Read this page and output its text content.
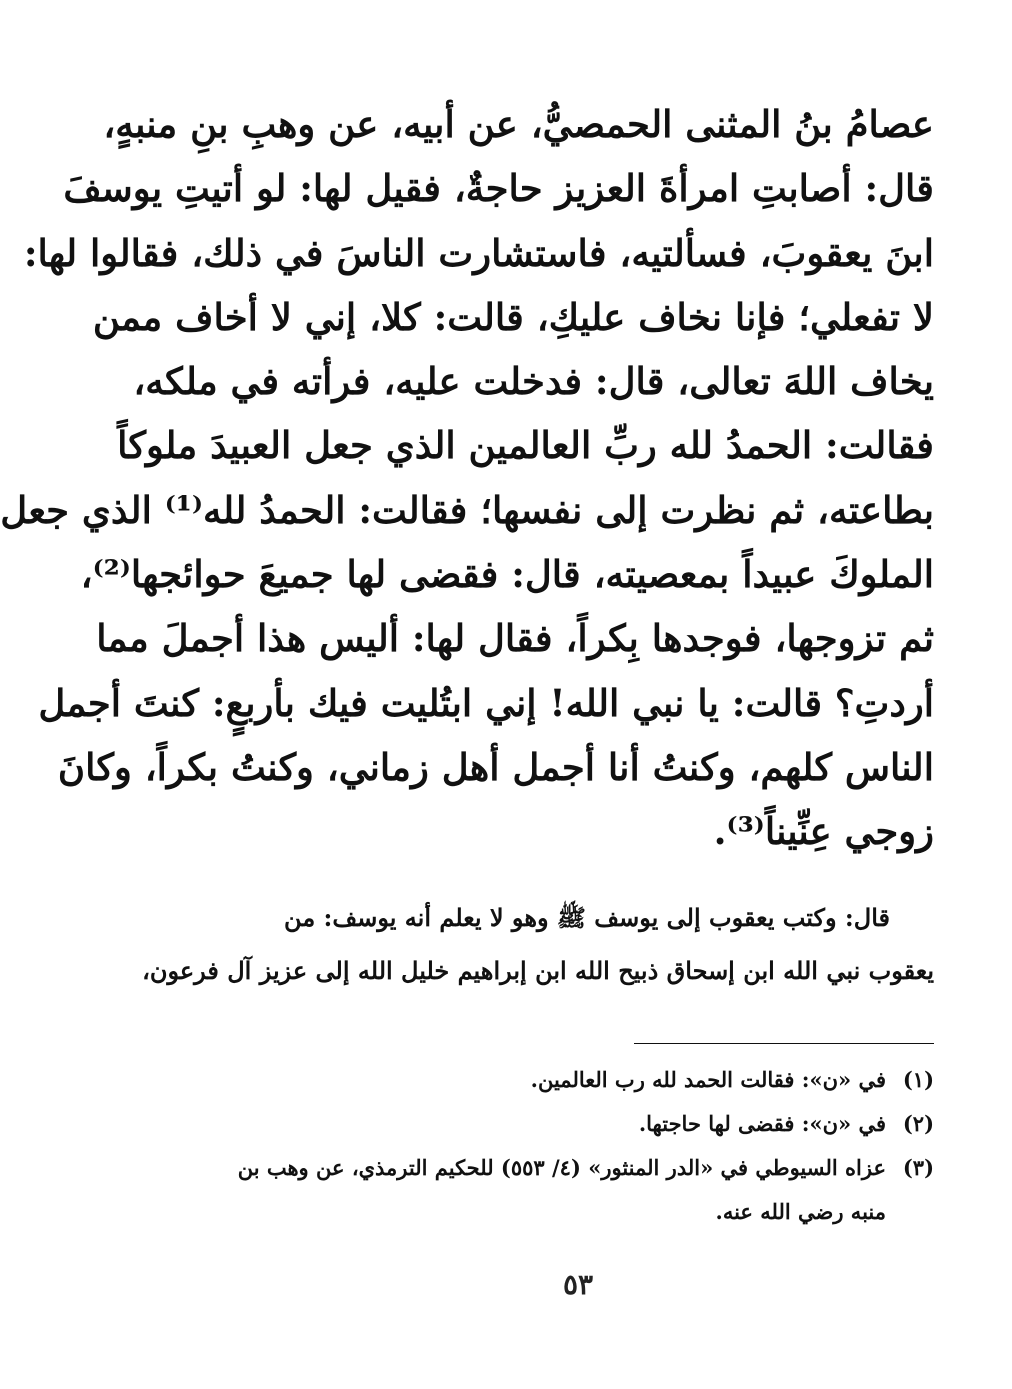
عصامُ بنُ المثنى الحمصيُّ، عن أبيه، عن وهبِ بنِ منبهٍ،
قال: أصابتِ امرأةَ العزيز حاجةٌ، فقيل لها: لو أتيتِ يوسفَ
ابنَ يعقوبَ، فسألتيه، فاستشارت الناسَ في ذلك، فقالوا لها:
لا تفعلي؛ فإنا نخاف عليكِ، قالت: كلا، إني لا أخاف ممن
يخاف اللهَ تعالى، قال: فدخلت عليه، فرأته في ملكه،
فقالت: الحمدُ لله ربِّ العالمين الذي جعل العبيدَ ملوكاً
بطاعته، ثم نظرت إلى نفسها؛ فقالت: الحمدُ لله⁽¹⁾ الذي جعل
الملوكَ عبيداً بمعصيته، قال: فقضى لها جميعَ حوائجها⁽²⁾،
ثم تزوجها، فوجدها بِكراً، فقال لها: أليس هذا أجملَ مما
أردتِ؟ قالت: يا نبي الله! إني ابتُليت فيك بأربعٍ: كنتَ أجمل
الناس كلهم، وكنتُ أنا أجمل أهل زماني، وكنتُ بكراً، وكانَ
زوجي عِنِّيناً⁽³⁾.
قال: وكتب يعقوب إلى يوسف ﷺ وهو لا يعلم أنه يوسف: من
يعقوب نبي الله ابن إسحاق ذبيح الله ابن إبراهيم خليل الله إلى عزيز آل فرعون،
(١)
في «ن»: فقالت الحمد لله رب العالمين.
(٢)
في «ن»: فقضى لها حاجتها.
(٣)
عزاه السيوطي في «الدر المنثور» (٤/ ٥٥٣) للحكيم الترمذي، عن وهب بن
منبه رضي الله عنه.
٥٣
